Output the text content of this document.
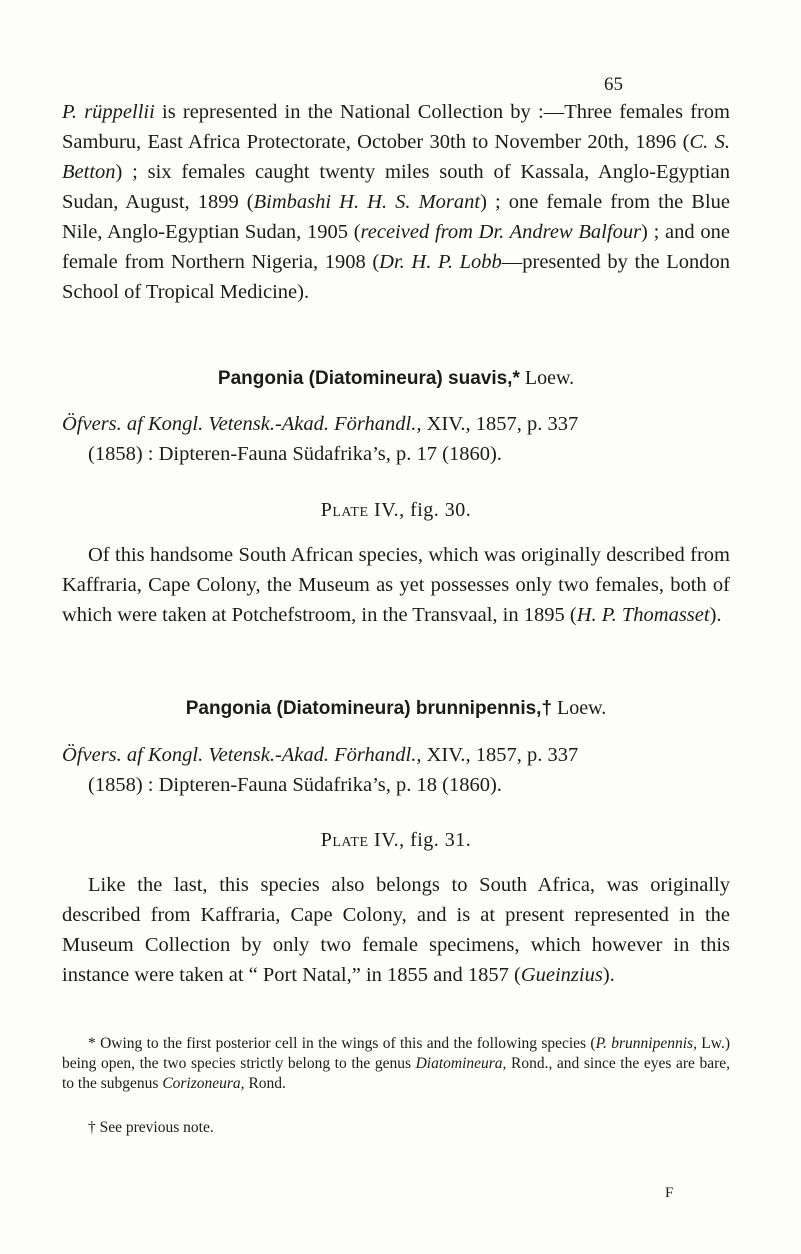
65

P. rüppellii is represented in the National Collection by :—Three females from Samburu, East Africa Protectorate, October 30th to November 20th, 1896 (C. S. Betton) ; six females caught twenty miles south of Kassala, Anglo-Egyptian Sudan, August, 1899 (Bimbashi H. H. S. Morant) ; one female from the Blue Nile, Anglo-Egyptian Sudan, 1905 (received from Dr. Andrew Balfour) ; and one female from Northern Nigeria, 1908 (Dr. H. P. Lobb—presented by the London School of Tropical Medicine).

Pangonia (Diatomineura) suavis,* Loew.
Öfvers. af Kongl. Vetensk.-Akad. Förhandl., XIV., 1857, p. 337
(1858) : Dipteren-Fauna Südafrika’s, p. 17 (1860).
Plate IV., fig. 30.

Of this handsome South African species, which was originally described from Kaffraria, Cape Colony, the Museum as yet possesses only two females, both of which were taken at Potchefstroom, in the Transvaal, in 1895 (H. P. Thomasset).

Pangonia (Diatomineura) brunnipennis,† Loew.
Öfvers. af Kongl. Vetensk.-Akad. Förhandl., XIV., 1857, p. 337
(1858) : Dipteren-Fauna Südafrika’s, p. 18 (1860).
Plate IV., fig. 31.

Like the last, this species also belongs to South Africa, was originally described from Kaffraria, Cape Colony, and is at present represented in the Museum Collection by only two female specimens, which however in this instance were taken at “ Port Natal,” in 1855 and 1857 (Gueinzius).

* Owing to the first posterior cell in the wings of this and the following species (P. brunnipennis, Lw.) being open, the two species strictly belong to the genus Diatomineura, Rond., and since the eyes are bare, to the subgenus Corizoneura, Rond.

† See previous note.

F
